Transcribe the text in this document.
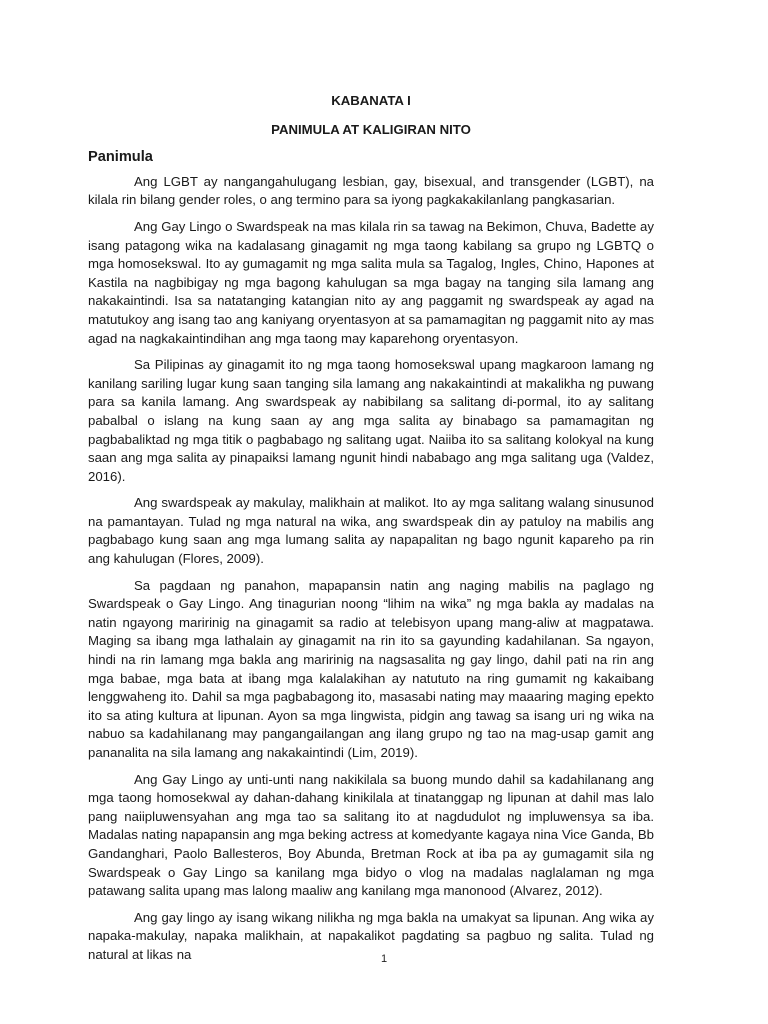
KABANATA I

PANIMULA AT KALIGIRAN NITO

Panimula

Ang LGBT ay nangangahulugang lesbian, gay, bisexual, and transgender (LGBT), na kilala rin bilang gender roles, o ang termino para sa iyong pagkakakilanlang pangkasarian.

Ang Gay Lingo o Swardspeak na mas kilala rin sa tawag na Bekimon, Chuva, Badette ay isang patagong wika na kadalasang ginagamit ng mga taong kabilang sa grupo ng LGBTQ o mga homosekswal. Ito ay gumagamit ng mga salita mula sa Tagalog, Ingles, Chino, Hapones at Kastila na nagbibigay ng mga bagong kahulugan sa mga bagay na tanging sila lamang ang nakakaintindi. Isa sa natatanging katangian nito ay ang paggamit ng swardspeak ay agad na matutukoy ang isang tao ang kaniyang oryentasyon at sa pamamagitan ng paggamit nito ay mas agad na nagkakaintindihan ang mga taong may kaparehong oryentasyon.

Sa Pilipinas ay ginagamit ito ng mga taong homosekswal upang magkaroon lamang ng kanilang sariling lugar kung saan tanging sila lamang ang nakakaintindi at makalikha ng puwang para sa kanila lamang. Ang swardspeak ay nabibilang sa salitang di-pormal, ito ay salitang pabalbal o islang na kung saan ay ang mga salita ay binabago sa pamamagitan ng pagbabaliktad ng mga titik o pagbabago ng salitang ugat. Naiiba ito sa salitang kolokyal na kung saan ang mga salita ay pinapaiksi lamang ngunit hindi nababago ang mga salitang uga (Valdez, 2016).

Ang swardspeak ay makulay, malikhain at malikot. Ito ay mga salitang walang sinusunod na pamantayan. Tulad ng mga natural na wika, ang swardspeak din ay patuloy na mabilis ang pagbabago kung saan ang mga lumang salita ay napapalitan ng bago ngunit kapareho pa rin ang kahulugan (Flores, 2009).

Sa pagdaan ng panahon, mapapansin natin ang naging mabilis na paglago ng Swardspeak o Gay Lingo. Ang tinagurian noong “lihim na wika” ng mga bakla ay madalas na natin ngayong maririnig na ginagamit sa radio at telebisyon upang mang-aliw at magpatawa. Maging sa ibang mga lathalain ay ginagamit na rin ito sa gayunding kadahilanan. Sa ngayon, hindi na rin lamang mga bakla ang maririnig na nagsasalita ng gay lingo, dahil pati na rin ang mga babae, mga bata at ibang mga kalalakihan ay natututo na ring gumamit ng kakaibang lenggwaheng ito. Dahil sa mga pagbabagong ito, masasabi nating may maaaring maging epekto ito sa ating kultura at lipunan. Ayon sa mga lingwista, pidgin ang tawag sa isang uri ng wika na nabuo sa kadahilanang may pangangailangan ang ilang grupo ng tao na mag-usap gamit ang pananalita na sila lamang ang nakakaintindi (Lim, 2019).

Ang Gay Lingo ay unti-unti nang nakikilala sa buong mundo dahil sa kadahilanang ang mga taong homosekwal ay dahan-dahang kinikilala at tinatanggap ng lipunan at dahil mas lalo pang naiipluwensyahan ang mga tao sa salitang ito at nagdudulot ng impluwensya sa iba. Madalas nating napapansin ang mga beking actress at komedyante kagaya nina Vice Ganda, Bb Gandanghari, Paolo Ballesteros, Boy Abunda, Bretman Rock at iba pa ay gumagamit sila ng Swardspeak o Gay Lingo sa kanilang mga bidyo o vlog na madalas naglalaman ng mga patawang salita upang mas lalong maaliw ang kanilang mga manonood (Alvarez, 2012).

Ang gay lingo ay isang wikang nilikha ng mga bakla na umakyat sa lipunan. Ang wika ay napaka-makulay, napaka malikhain, at napakalikot pagdating sa pagbuo ng salita. Tulad ng natural at likas na	1
